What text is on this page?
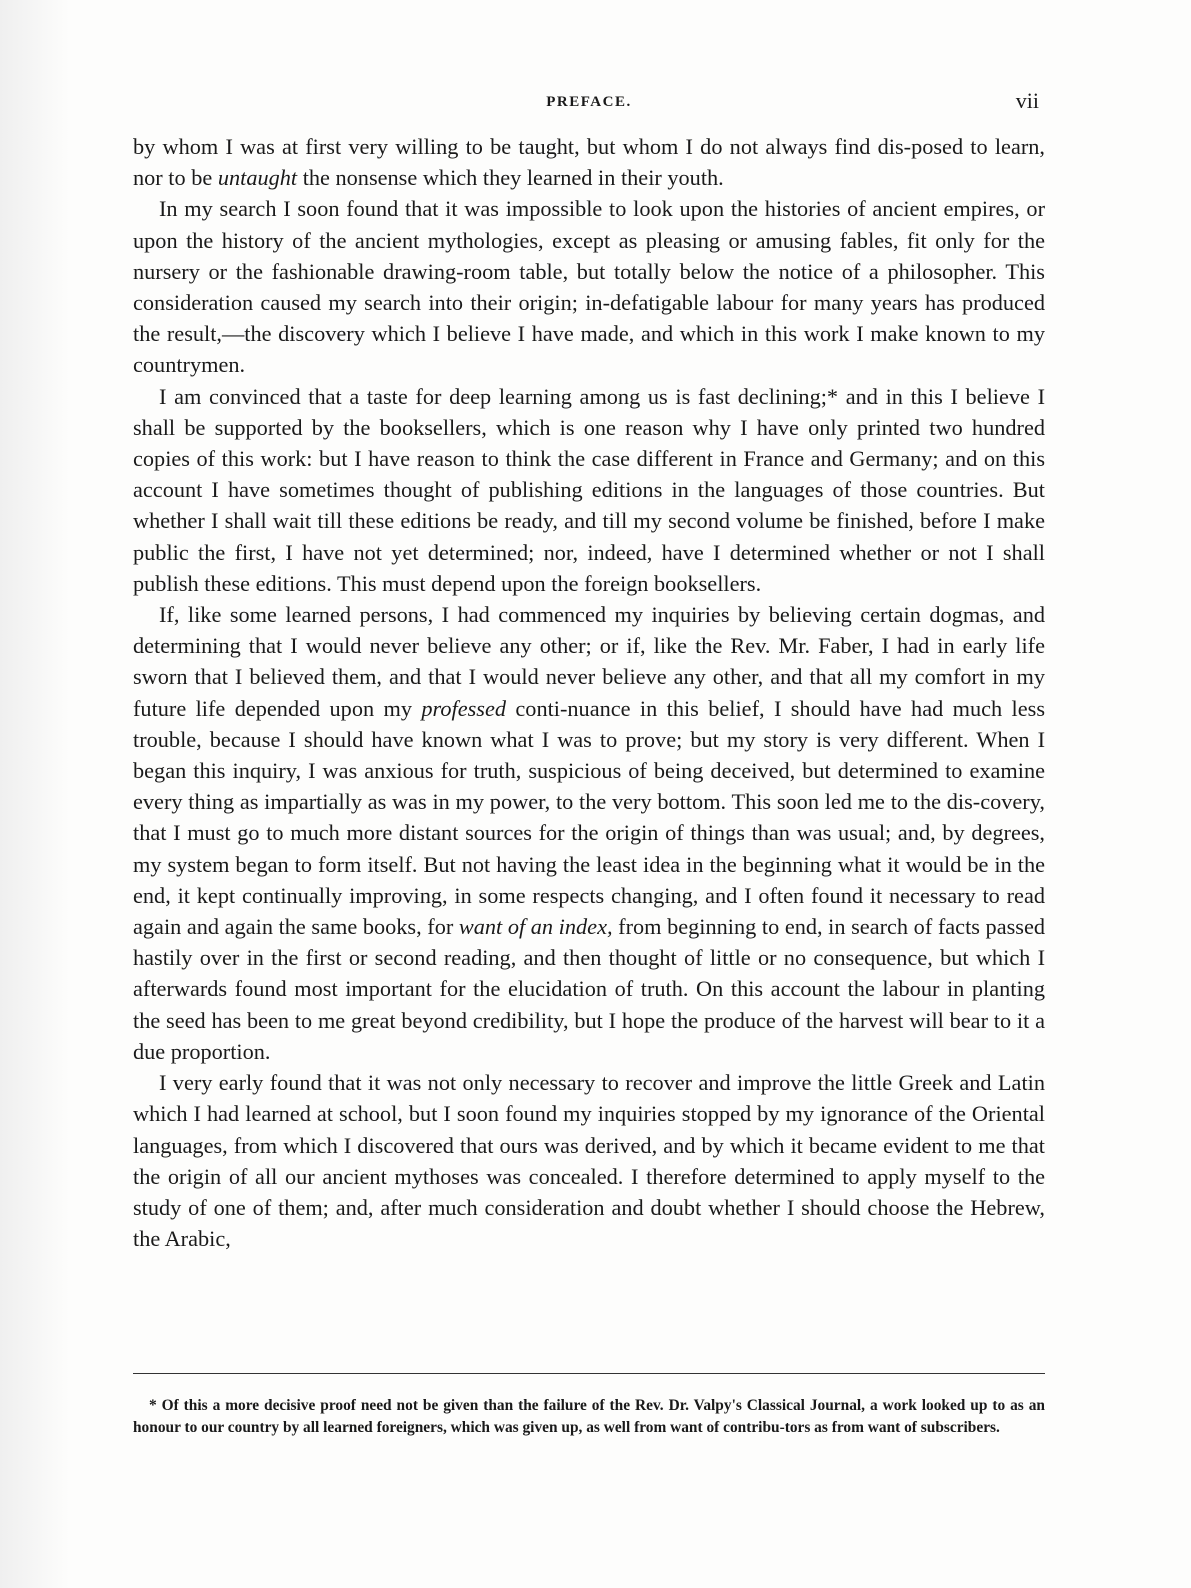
PREFACE.	vii

by whom I was at first very willing to be taught, but whom I do not always find dis-posed to learn, nor to be untaught the nonsense which they learned in their youth.

In my search I soon found that it was impossible to look upon the histories of ancient empires, or upon the history of the ancient mythologies, except as pleasing or amusing fables, fit only for the nursery or the fashionable drawing-room table, but totally below the notice of a philosopher. This consideration caused my search into their origin; in-defatigable labour for many years has produced the result,—the discovery which I believe I have made, and which in this work I make known to my countrymen.

I am convinced that a taste for deep learning among us is fast declining;* and in this I believe I shall be supported by the booksellers, which is one reason why I have only printed two hundred copies of this work: but I have reason to think the case different in France and Germany; and on this account I have sometimes thought of publishing editions in the languages of those countries. But whether I shall wait till these editions be ready, and till my second volume be finished, before I make public the first, I have not yet determined; nor, indeed, have I determined whether or not I shall publish these editions. This must depend upon the foreign booksellers.

If, like some learned persons, I had commenced my inquiries by believing certain dogmas, and determining that I would never believe any other; or if, like the Rev. Mr. Faber, I had in early life sworn that I believed them, and that I would never believe any other, and that all my comfort in my future life depended upon my professed conti-nuance in this belief, I should have had much less trouble, because I should have known what I was to prove; but my story is very different. When I began this inquiry, I was anxious for truth, suspicious of being deceived, but determined to examine every thing as impartially as was in my power, to the very bottom. This soon led me to the dis-covery, that I must go to much more distant sources for the origin of things than was usual; and, by degrees, my system began to form itself. But not having the least idea in the beginning what it would be in the end, it kept continually improving, in some respects changing, and I often found it necessary to read again and again the same books, for want of an index, from beginning to end, in search of facts passed hastily over in the first or second reading, and then thought of little or no consequence, but which I afterwards found most important for the elucidation of truth. On this account the labour in planting the seed has been to me great beyond credibility, but I hope the produce of the harvest will bear to it a due proportion.

I very early found that it was not only necessary to recover and improve the little Greek and Latin which I had learned at school, but I soon found my inquiries stopped by my ignorance of the Oriental languages, from which I discovered that ours was derived, and by which it became evident to me that the origin of all our ancient mythoses was concealed. I therefore determined to apply myself to the study of one of them; and, after much consideration and doubt whether I should choose the Hebrew, the Arabic,

* Of this a more decisive proof need not be given than the failure of the Rev. Dr. Valpy's Classical Journal, a work looked up to as an honour to our country by all learned foreigners, which was given up, as well from want of contribu-tors as from want of subscribers.
